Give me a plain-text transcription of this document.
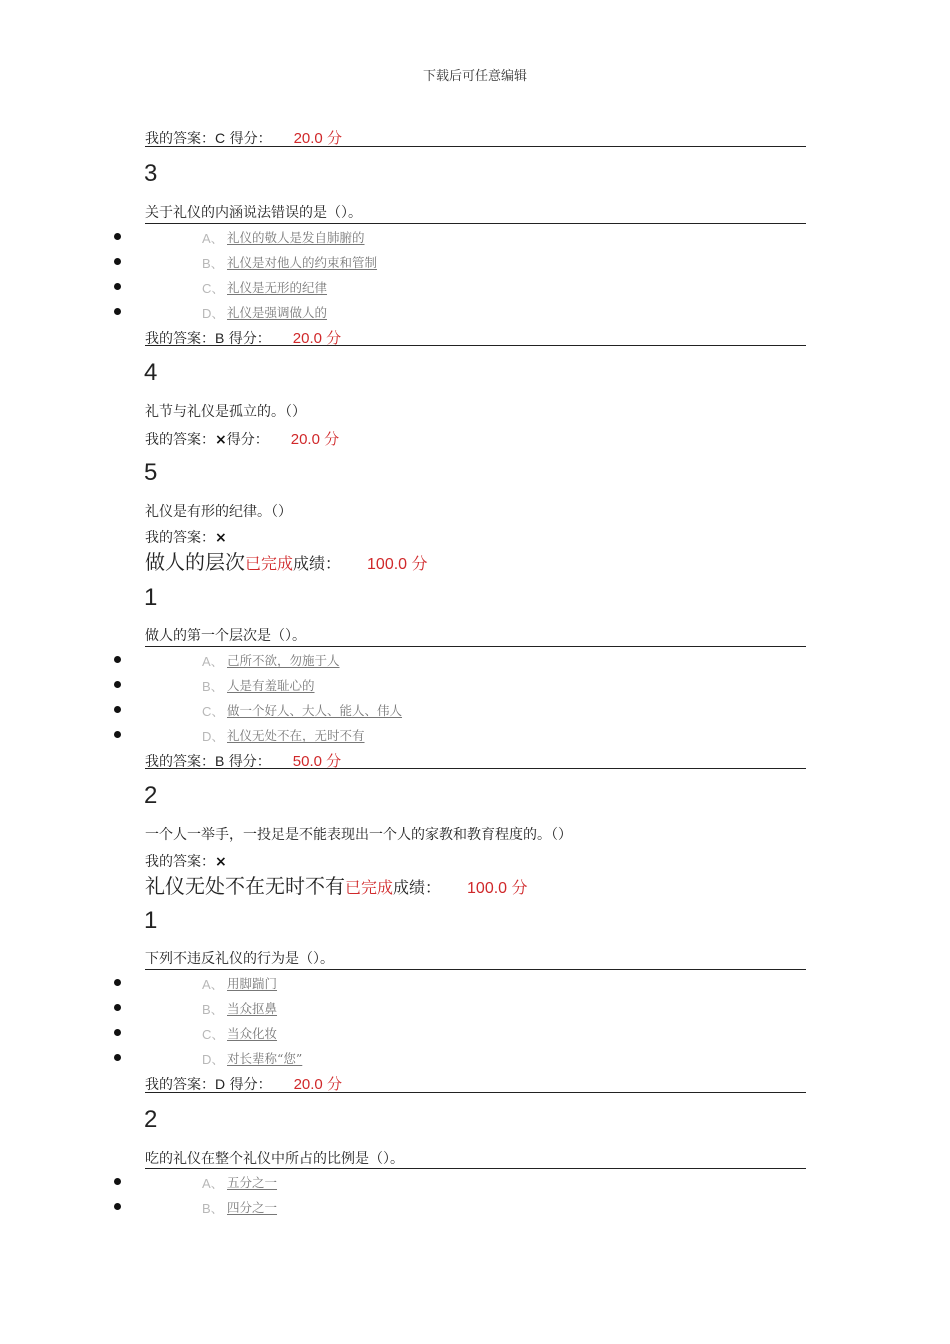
下载后可任意编辑
我的答案：C 得分： 20.0 分
3
关于礼仪的内涵说法错误的是（）。
A、 礼仪的敬人是发自肺腑的
B、 礼仪是对他人的约束和管制
C、 礼仪是无形的纪律
D、 礼仪是强调做人的
我的答案：B 得分： 20.0 分
4
礼节与礼仪是孤立的。（）
我的答案：×得分： 20.0 分
5
礼仪是有形的纪律。（）
我的答案：×
做人的层次已完成成绩： 100.0 分
1
做人的第一个层次是（）。
A、 己所不欲，勿施于人
B、 人是有羞耻心的
C、 做一个好人、大人、能人、伟人
D、 礼仪无处不在，无时不有
我的答案：B 得分： 50.0 分
2
一个人一举手，一投足是不能表现出一个人的家教和教育程度的。（）
我的答案：×
礼仪无处不在无时不有已完成成绩： 100.0 分
1
下列不违反礼仪的行为是（）。
A、 用脚踹门
B、 当众抠鼻
C、 当众化妆
D、 对长辈称“您”
我的答案：D 得分： 20.0 分
2
吃的礼仪在整个礼仪中所占的比例是（）。
A、 五分之一
B、 四分之一
